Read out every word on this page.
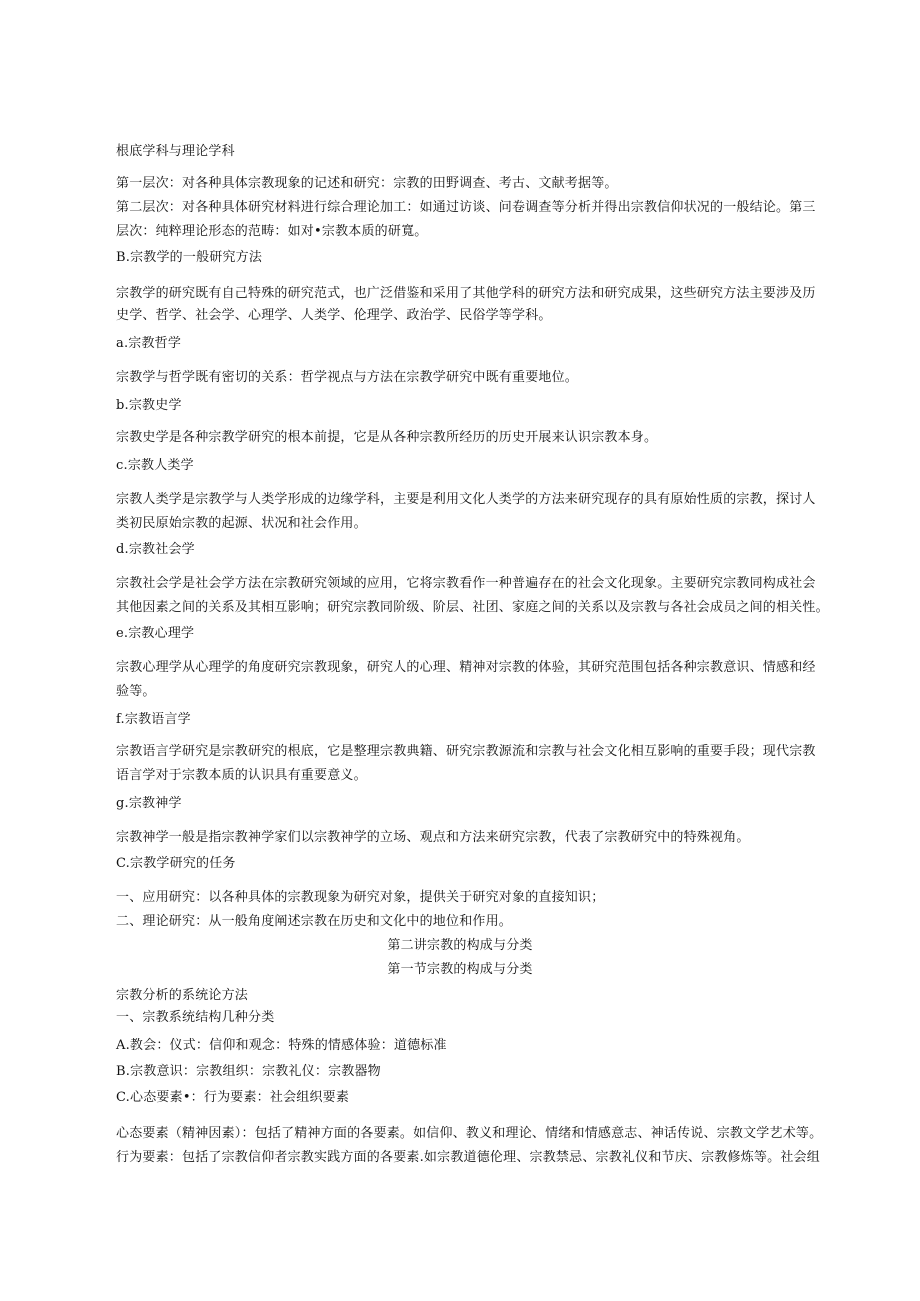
根底学科与理论学科
第一层次：对各种具体宗教现象的记述和研究：宗教的田野调查、考古、文献考据等。
第二层次：对各种具体研究材料进行综合理论加工：如通过访谈、问卷调查等分析并得出宗教信仰状况的一般结论。第三
层次：纯粹理论形态的范畴：如对•宗教本质的研寬。
B.宗教学的一般研究方法
宗教学的研究既有自己特殊的研究范式，也广泛借鉴和采用了其他学科的研究方法和研究成果，这些研究方法主要涉及历
史学、哲学、社会学、心理学、人类学、伦理学、政治学、民俗学等学科。
a.宗教哲学
宗教学与哲学既有密切的关系：哲学视点与方法在宗教学研究中既有重要地位。
b.宗教史学
宗教史学是各种宗教学研究的根本前提，它是从各种宗教所经历的历史开展来认识宗教本身。
c.宗教人类学
宗教人类学是宗教学与人类学形成的边缘学科，主要是利用文化人类学的方法来研究现存的具有原始性质的宗教，探讨人
类初民原始宗教的起源、状况和社会作用。
d.宗教社会学
宗教社会学是社会学方法在宗教研究领域的应用，它将宗教看作一种普遍存在的社会文化现象。主要研究宗教同构成社会
其他因素之间的关系及其相互影响；研究宗教同阶级、阶层、社团、家庭之间的关系以及宗教与各社会成员之间的相关性。
e.宗教心理学
宗教心理学从心理学的角度研究宗教现象，研究人的心理、精神对宗教的体验，其研究范围包括各种宗教意识、情感和经
验等。
f.宗教语言学
宗教语言学研究是宗教研究的根底，它是整理宗教典籍、研究宗教源流和宗教与社会文化相互影响的重要手段；现代宗教
语言学对于宗教本质的认识具有重要意义。
g.宗教神学
宗教神学一般是指宗教神学家们以宗教神学的立场、观点和方法来研究宗教，代表了宗教研究中的特殊视角。
C.宗教学研究的任务
一、应用研究：以各种具体的宗教现象为研究对象，提供关于研究对象的直接知识；
二、理论研究：从一般角度阐述宗教在历史和文化中的地位和作用。
第二讲宗教的构成与分类
第一节宗教的构成与分类
宗教分析的系统论方法
一、宗教系统结构几种分类
A.教会：仪式：信仰和观念：特殊的情感体验：道德标准
B.宗教意识：宗教组织：宗教礼仪：宗教器物
C.心态要素•：行为要素：社会组织要素
心态要素（精神因素）：包括了精神方面的各要素。如信仰、教义和理论、情绪和情感意志、神话传说、宗教文学艺术等。
行为要素：包括了宗教信仰者宗教实践方面的各要素.如宗教道德伦理、宗教禁忌、宗教礼仪和节庆、宗教修炼等。社会组
